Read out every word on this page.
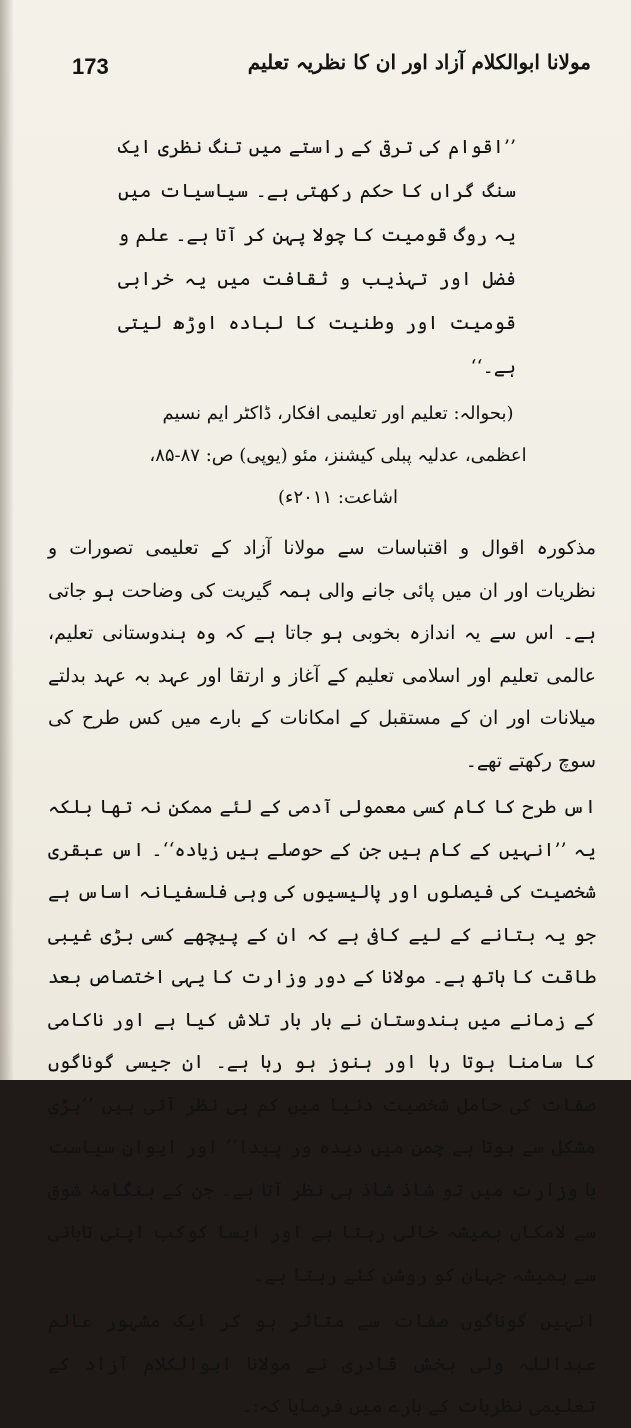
173	مولانا ابوالکلام آزاد اور ان کا نظریہ تعلیم

’’اقوام کی ترقی کے راستے میں تنگ نظری ایک سنگ گراں کا حکم رکھتی ہے۔ سیاسیات میں یہ روگ قومیت کا چولا پہن کر آتا ہے۔ علم و فضل اور تہذیب و ثقافت میں یہ خرابی قومیت اور وطنیت کا لبادہ اوڑھ لیتی ہے۔‘‘

(بحوالہ: تعلیم اور تعلیمی افکار، ڈاکٹر ایم نسیم اعظمی، عدلیہ پبلی کیشنز، مئو (یوپی) ص: ۸۷-۸۵، اشاعت: ۲۰۱۱ء)

مذکورہ اقوال و اقتباسات سے مولانا آزاد کے تعلیمی تصورات و نظریات اور ان میں پائی جانے والی ہمہ گیریت کی وضاحت ہو جاتی ہے۔ اس سے یہ اندازہ بخوبی ہو جاتا ہے کہ وہ ہندوستانی تعلیم، عالمی تعلیم اور اسلامی تعلیم کے آغاز و ارتقا اور عہد بہ عہد بدلتے میلانات اور ان کے مستقبل کے امکانات کے بارے میں کس طرح کی سوچ رکھتے تھے۔

اس طرح کا کام کسی معمولی آدمی کے لئے ممکن نہ تھا بلکہ یہ ’’انہیں کے کام ہیں جن کے حوصلے ہیں زیادہ‘‘۔ اس عبقری شخصیت کی فیصلوں اور پالیسیوں کی وہی فلسفیانہ اساس ہے جو یہ بتانے کے لیے کافی ہے کہ ان کے پیچھے کسی بڑی غیبی طاقت کا ہاتھ ہے۔ مولانا کے دور وزارت کا یہی اختصاص بعد کے زمانے میں ہندوستان نے بار بار تلاش کیا ہے اور ناکامی کا سامنا ہوتا رہا اور ہنوز ہو رہا ہے۔ ان جیسی گوناگوں صفات کی حامل شخصیت دنیا میں کم ہی نظر آتی ہیں ’’بڑی مشکل سے ہوتا ہے چمن میں دیدہ ور پیدا‘‘ اور ایوان سیاست یا وزارت میں تو شاذ شاذ ہی نظر آتا ہے۔ جن کے ہنگامۂ شوق سے لامکاں ہمیشہ خالی رہتا ہے اور ایسا کوکب اپنی تابانی سے ہمیشہ جہان کو روشن کئے رہتا ہے۔

انہیں گوناگوں صفات سے متاثر ہو کر ایک مشہور عالم عبداللہ ولی بخش قادری نے مولانا ابوالکلام آزاد کے تعلیمی نظریات کے بارے میں فرمایا کہ:۔
